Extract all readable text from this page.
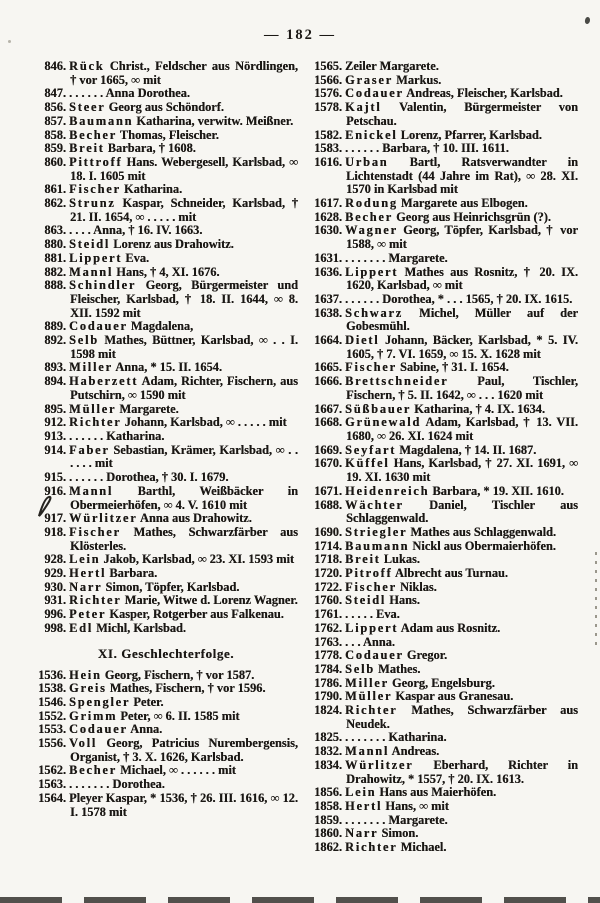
— 182 —
846. Rück Christ., Feldscher aus Nördlingen, † vor 1665, ∞ mit
847. . . . . . . Anna Dorothea.
856. Steer Georg aus Schöndorf.
857. Baumann Katharina, verwitw. Meißner.
858. Becher Thomas, Fleischer.
859. Breit Barbara, † 1608.
860. Pittroff Hans. Webergesell, Karlsbad, ∞ 18. I. 1605 mit
861. Fischer Katharina.
862. Strunz Kaspar, Schneider, Karlsbad, † 21. II. 1654, ∞ . . . . . mit
863. . . . . Anna, † 16. IV. 1663.
880. Steidl Lorenz aus Drahowitz.
881. Lippert Eva.
882. Mannl Hans, † 4, XI. 1676.
888. Schindler Georg, Bürgermeister und Fleischer, Karlsbad, † 18. II. 1644, ∞ 8. XII. 1592 mit
889. Codauer Magdalena,
892. Selb Mathes, Büttner, Karlsbad, ∞ . . I. 1598 mit
893. Miller Anna, * 15. II. 1654.
894. Haberzett Adam, Richter, Fischern, aus Putschirn, ∞ 1590 mit
895. Müller Margarete.
912. Richter Johann, Karlsbad, ∞ . . . . . mit
913. . . . . . . Katharina.
914. Faber Sebastian, Krämer, Karlsbad, ∞ . . . . . . mit
915. . . . . . . Dorothea, † 30. I. 1679.
916. Mannl Barthl, Weißbäcker in Obermeierhöfen, ∞ 4. V. 1610 mit
917. Würlitzer Anna aus Drahowitz.
918. Fischer Mathes, Schwarzfärber aus Klösterles.
928. Lein Jakob, Karlsbad, ∞ 23. XI. 1593 mit
929. Hertl Barbara.
930. Narr Simon, Töpfer, Karlsbad.
931. Richter Marie, Witwe d. Lorenz Wagner.
996. Peter Kasper, Rotgerber aus Falkenau.
998. Edl Michl, Karlsbad.
XI. Geschlechterfolge.
1536. Hein Georg, Fischern, † vor 1587.
1538. Greis Mathes, Fischern, † vor 1596.
1546. Spengler Peter.
1552. Grimm Peter, ∞ 6. II. 1585 mit
1553. Codauer Anna.
1556. Voll Georg, Patricius Nurembergensis, Organist, † 3. X. 1626, Karlsbad.
1562. Becher Michael, ∞ . . . . . . mit
1563. . . . . . . . Dorothea.
1564. Pleyer Kaspar, * 1536, † 26. III. 1616, ∞ 12. I. 1578 mit
1565. Zeiler Margarete.
1566. Graser Markus.
1576. Codauer Andreas, Fleischer, Karlsbad.
1578. Kajtl Valentin, Bürgermeister von Petschau.
1582. Enickel Lorenz, Pfarrer, Karlsbad.
1583. . . . . . . Barbara, † 10. III. 1611.
1616. Urban Bartl, Ratsverwandter in Lichtenstadt (44 Jahre im Rat), ∞ 28. XI. 1570 in Karlsbad mit
1617. Rodung Margarete aus Elbogen.
1628. Becher Georg aus Heinrichsgrün (?).
1630. Wagner Georg, Töpfer, Karlsbad, † vor 1588, ∞ mit
1631. . . . . . . . Margarete.
1636. Lippert Mathes aus Rosnitz, † 20. IX. 1620, Karlsbad, ∞ mit
1637. . . . . . . Dorothea, * . . . 1565, † 20. IX. 1615.
1638. Schwarz Michel, Müller auf der Gobesmühl.
1664. Dietl Johann, Bäcker, Karlsbad, * 5. IV. 1605, † 7. VI. 1659, ∞ 15. X. 1628 mit
1665. Fischer Sabine, † 31. I. 1654.
1666. Brettschneider Paul, Tischler, Fischern, † 5. II. 1642, ∞ . . . 1620 mit
1667. Süßbauer Katharina, † 4. IX. 1634.
1668. Grünewald Adam, Karlsbad, † 13. VII. 1680, ∞ 26. XI. 1624 mit
1669. Seyfart Magdalena, † 14. II. 1687.
1670. Küffel Hans, Karlsbad, † 27. XI. 1691, ∞ 19. XI. 1630 mit
1671. Heidenreich Barbara, * 19. XII. 1610.
1688. Wächter Daniel, Tischler aus Schlaggenwald.
1690. Striegler Mathes aus Schlaggenwald.
1714. Baumann Nickl aus Obermaierhöfen.
1718. Breit Lukas.
1720. Pitroff Albrecht aus Turnau.
1722. Fischer Niklas.
1760. Steidl Hans.
1761. . . . . . Eva.
1762. Lippert Adam aus Rosnitz.
1763. . . . Anna.
1778. Codauer Gregor.
1784. Selb Mathes.
1786. Miller Georg, Engelsburg.
1790. Müller Kaspar aus Granesau.
1824. Richter Mathes, Schwarzfärber aus Neudek.
1825. . . . . . . . Katharina.
1832. Mannl Andreas.
1834. Würlitzer Eberhard, Richter in Drahowitz, * 1557, † 20. IX. 1613.
1856. Lein Hans aus Maierhöfen.
1858. Hertl Hans, ∞ mit
1859. . . . . . . . Margarete.
1860. Narr Simon.
1862. Richter Michael.
